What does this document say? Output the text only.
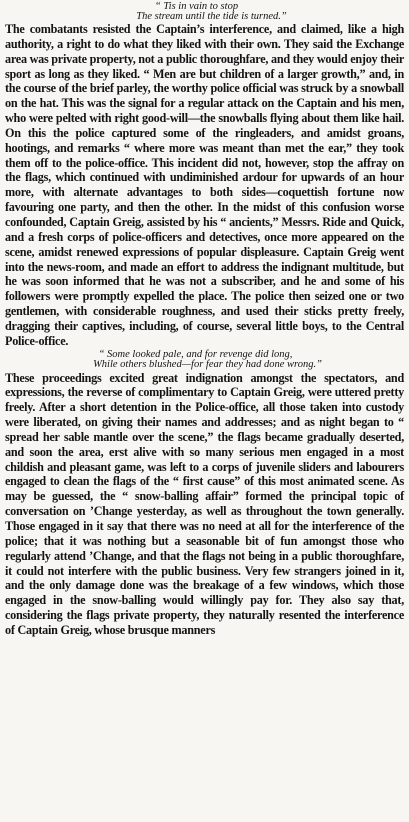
“ Tis in vain to stop
The stream until the tide is turned.”

The combatants resisted the Captain’s interference, and claimed, like a high authority, a right to do what they liked with their own. They said the Exchange area was private property, not a public thoroughfare, and they would enjoy their sport as long as they liked. “ Men are but children of a larger growth,” and, in the course of the brief parley, the worthy police official was struck by a snowball on the hat. This was the signal for a regular attack on the Captain and his men, who were pelted with right good-will—the snowballs flying about them like hail. On this the police captured some of the ringleaders, and amidst groans, hootings, and remarks “ where more was meant than met the ear,” they took them off to the police-office. This incident did not, however, stop the affray on the flags, which continued with undiminished ardour for upwards of an hour more, with alternate advantages to both sides—coquettish fortune now favouring one party, and then the other. In the midst of this confusion worse confounded, Captain Greig, assisted by his “ ancients,” Messrs. Ride and Quick, and a fresh corps of police-officers and detectives, once more appeared on the scene, amidst renewed expressions of popular displeasure. Captain Greig went into the news-room, and made an effort to address the indignant multitude, but he was soon informed that he was not a subscriber, and he and some of his followers were promptly expelled the place. The police then seized one or two gentlemen, with considerable roughness, and used their sticks pretty freely, dragging their captives, including, of course, several little boys, to the Central Police-office.

“ Some looked pale, and for revenge did long,
While others blushed—for fear they had done wrong.”

These proceedings excited great indignation amongst the spectators, and expressions, the reverse of complimentary to Captain Greig, were uttered pretty freely. After a short detention in the Police-office, all those taken into custody were liberated, on giving their names and addresses; and as night began to “ spread her sable mantle over the scene,” the flags became gradually deserted, and soon the area, erst alive with so many serious men engaged in a most childish and pleasant game, was left to a corps of juvenile sliders and labourers engaged to clean the flags of the “ first cause” of this most animated scene. As may be guessed, the “ snow-balling affair” formed the principal topic of conversation on ’Change yesterday, as well as throughout the town generally. Those engaged in it say that there was no need at all for the interference of the police; that it was nothing but a seasonable bit of fun amongst those who regularly attend ’Change, and that the flags not being in a public thoroughfare, it could not interfere with the public business. Very few strangers joined in it, and the only damage done was the breakage of a few windows, which those engaged in the snow-balling would willingly pay for. They also say that, considering the flags private property, they naturally resented the interference of Captain Greig, whose brusque manners
